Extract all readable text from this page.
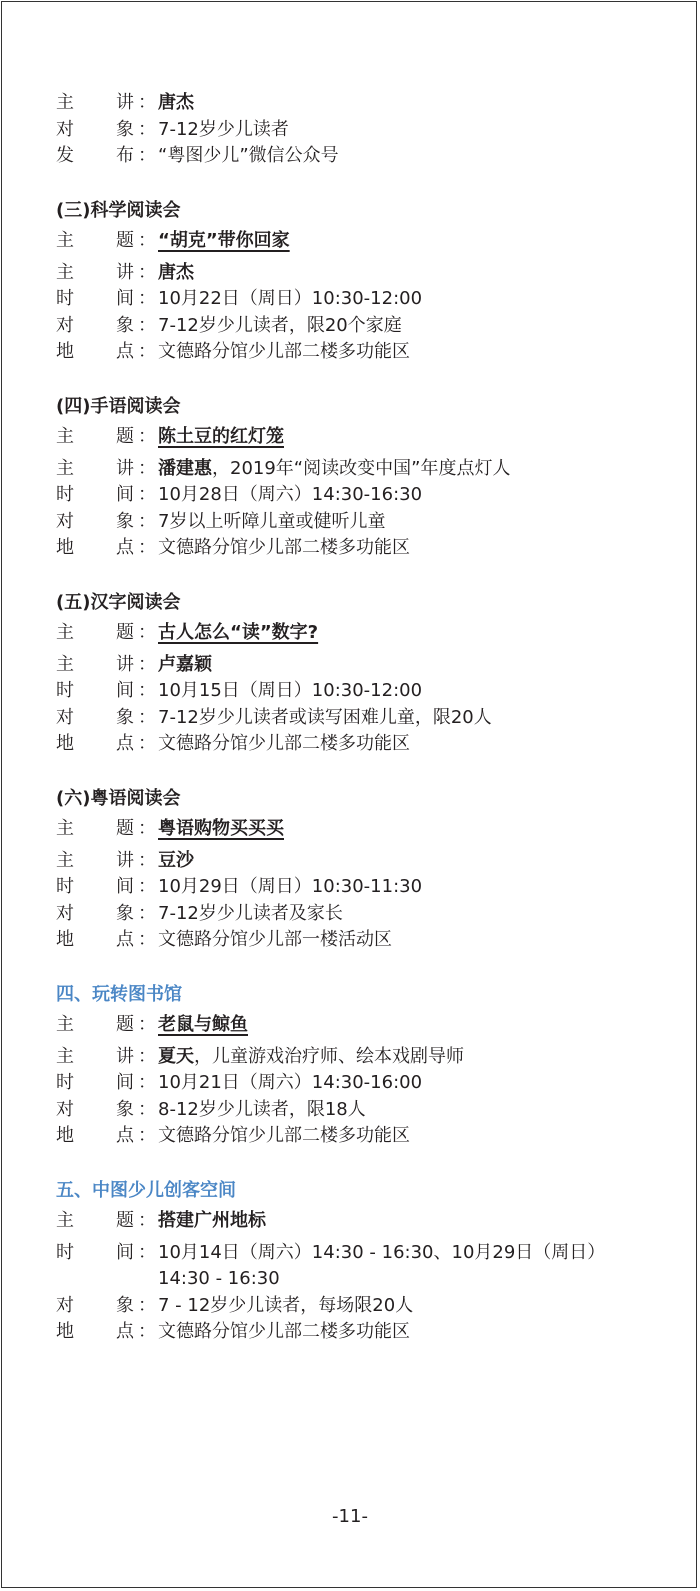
主 讲 ： 唐杰
对 象 ： 7-12岁少儿读者
发 布 ： “粤图少儿”微信公众号
(三)科学阅读会
主 题 ： “胡克”带你回家
主 讲 ： 唐杰
时 间 ： 10月22日（周日）10:30-12:00
对 象 ： 7-12岁少儿读者，限20个家庭
地 点 ： 文德路分馆少儿部二楼多功能区
(四)手语阅读会
主 题 ： 陈土豆的红灯笼
主 讲 ： 潘建惠，2019年“阅读改变中国”年度点灯人
时 间 ： 10月28日（周六）14:30-16:30
对 象 ： 7岁以上听障儿童或健听儿童
地 点 ： 文德路分馆少儿部二楼多功能区
(五)汉字阅读会
主 题 ： 古人怎么“读”数字?
主 讲 ： 卢嘉颖
时 间 ： 10月15日（周日）10:30-12:00
对 象 ： 7-12岁少儿读者或读写困难儿童，限20人
地 点 ： 文德路分馆少儿部二楼多功能区
(六)粤语阅读会
主 题 ： 粤语购物买买买
主 讲 ： 豆沙
时 间 ： 10月29日（周日）10:30-11:30
对 象 ： 7-12岁少儿读者及家长
地 点 ： 文德路分馆少儿部一楼活动区
四、玩转图书馆
主 题 ： 老鼠与鲸鱼
主 讲 ： 夏天，儿童游戏治疗师、绘本戏剧导师
时 间 ： 10月21日（周六）14:30-16:00
对 象 ： 8-12岁少儿读者，限18人
地 点 ： 文德路分馆少儿部二楼多功能区
五、中图少儿创客空间
主 题 ： 搭建广州地标
时 间 ： 10月14日（周六）14:30 - 16:30、10月29日（周日）
14:30 - 16:30
对 象 ： 7 - 12岁少儿读者，每场限20人
地 点 ： 文德路分馆少儿部二楼多功能区
-11-
